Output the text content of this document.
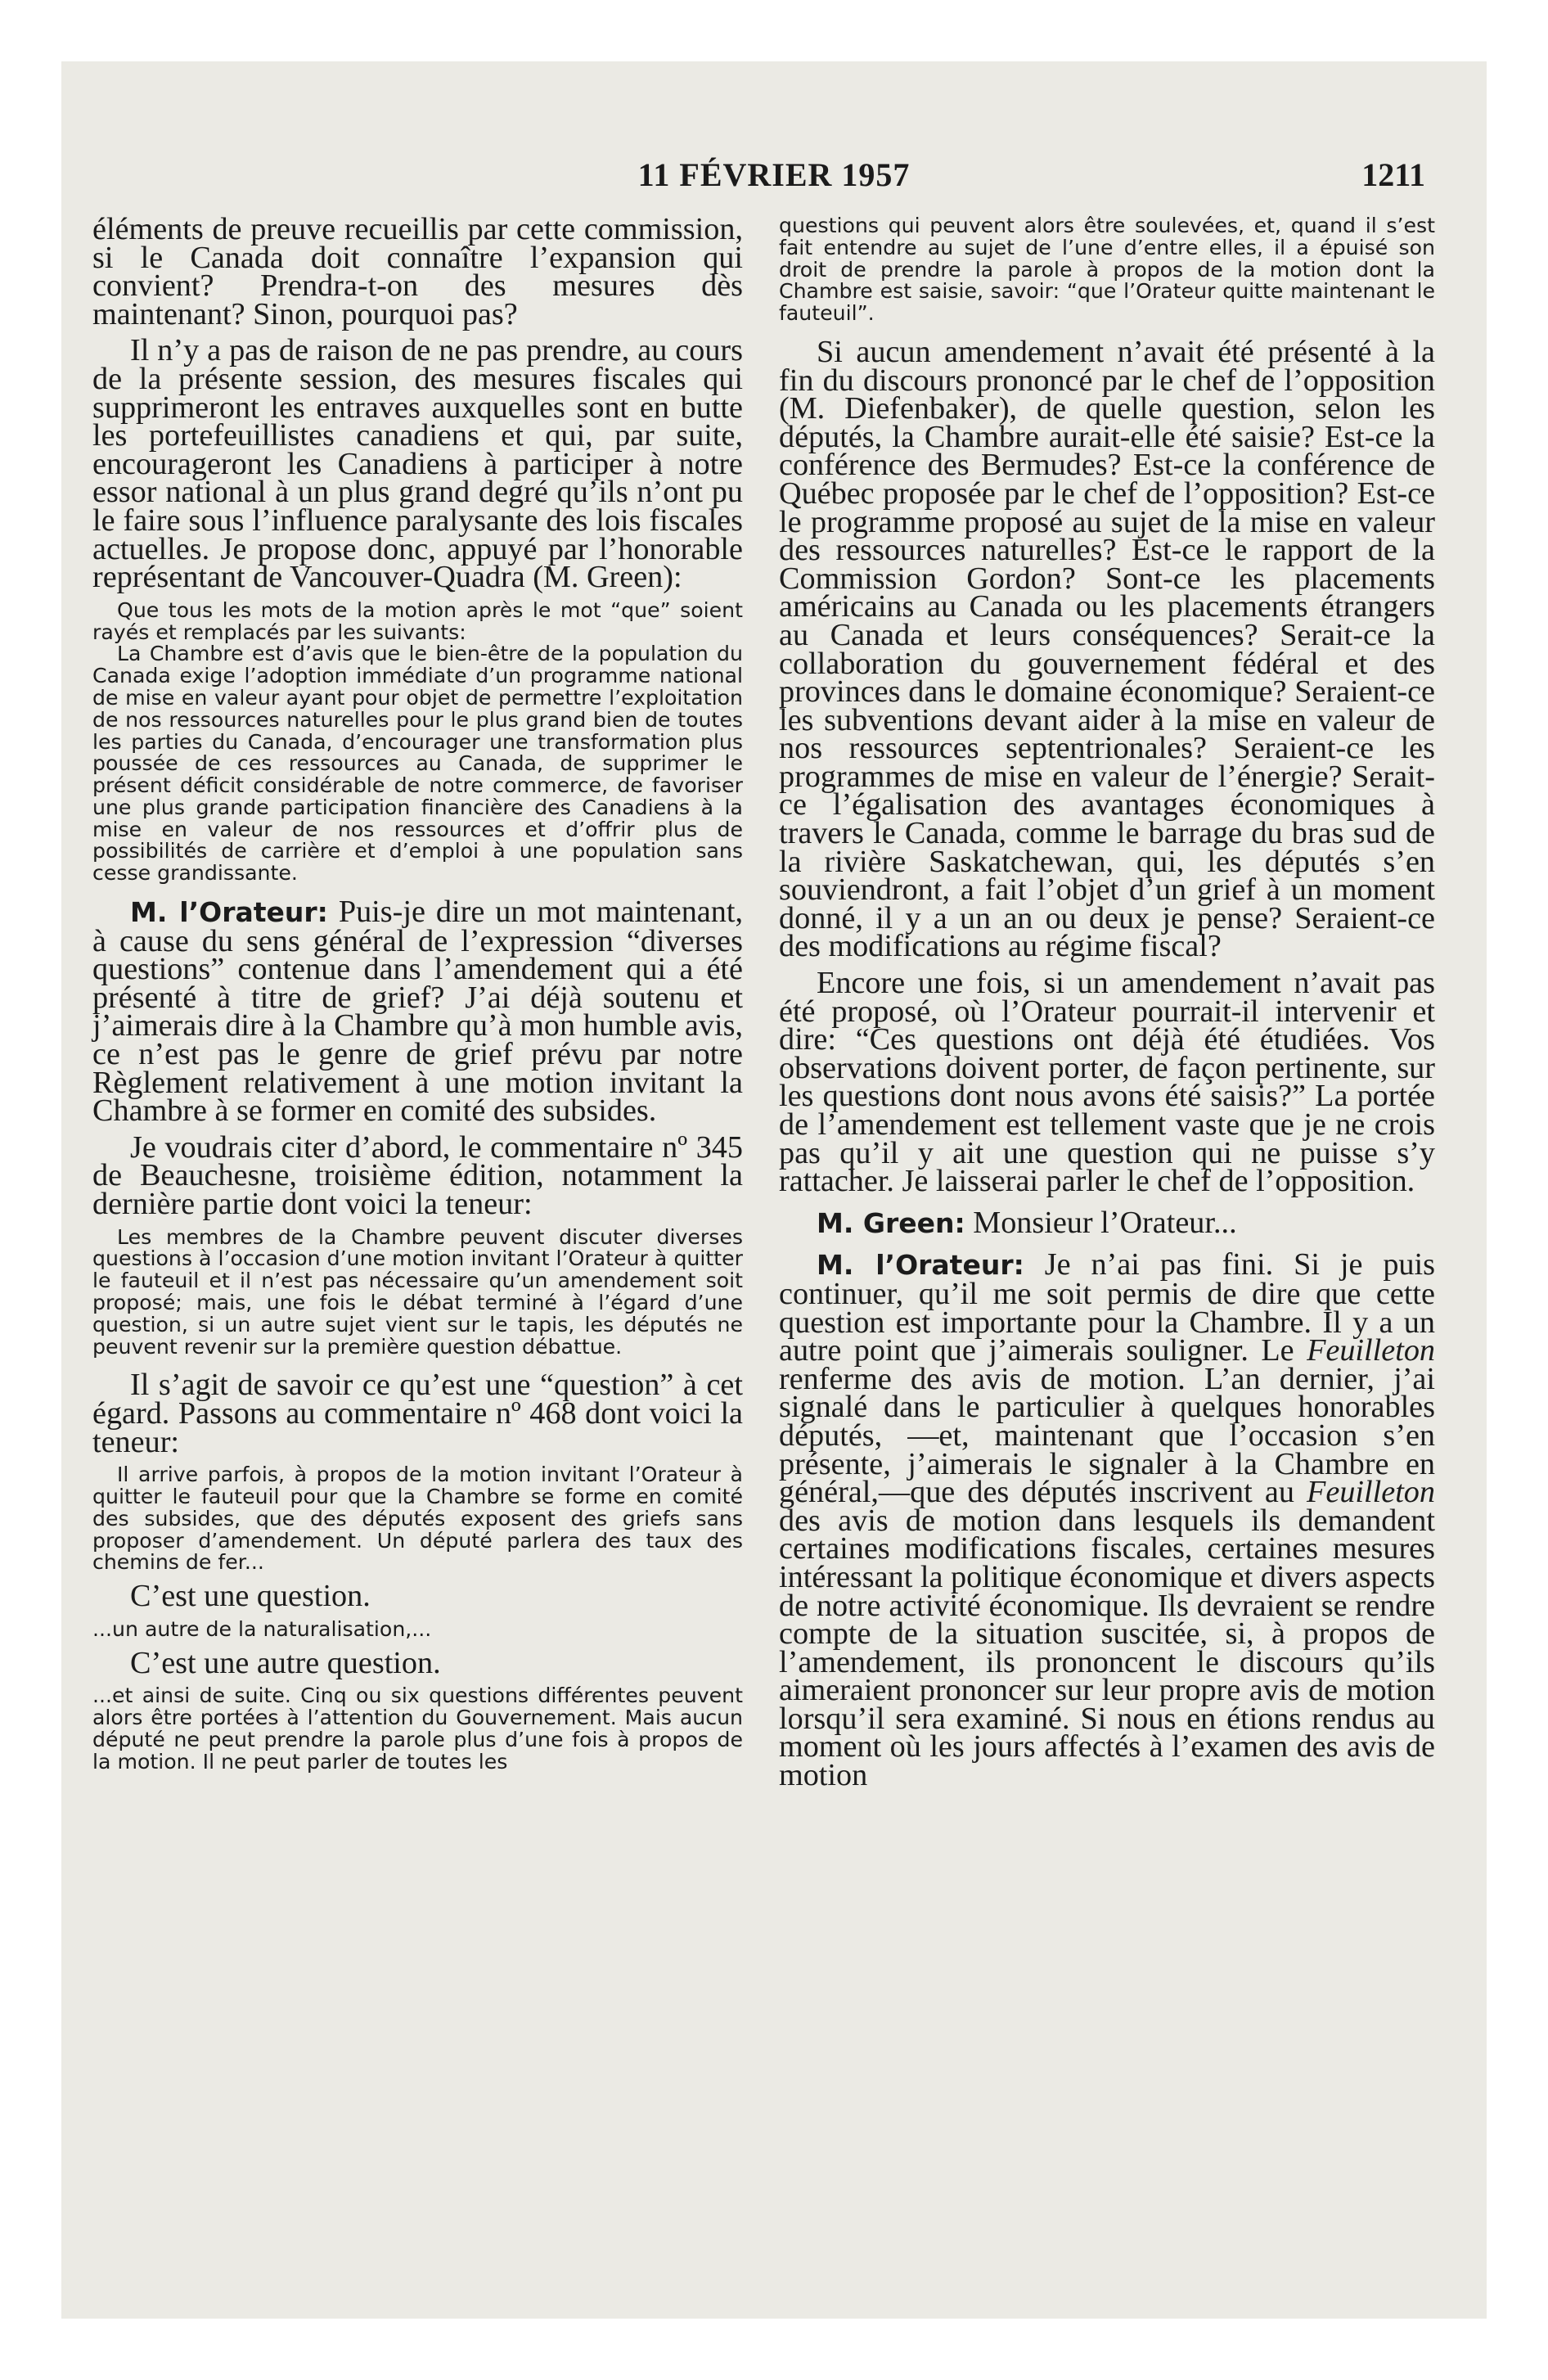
11 FÉVRIER 1957	1211

éléments de preuve recueillis par cette commission, si le Canada doit connaître l’expansion qui convient? Prendra-t-on des mesures dès maintenant? Sinon, pourquoi pas?

Il n’y a pas de raison de ne pas prendre, au cours de la présente session, des mesures fiscales qui supprimeront les entraves auxquelles sont en butte les portefeuillistes canadiens et qui, par suite, encourageront les Canadiens à participer à notre essor national à un plus grand degré qu’ils n’ont pu le faire sous l’influence paralysante des lois fiscales actuelles. Je propose donc, appuyé par l’honorable représentant de Vancouver-Quadra (M. Green):

Que tous les mots de la motion après le mot “que” soient rayés et remplacés par les suivants:

La Chambre est d’avis que le bien-être de la population du Canada exige l’adoption immédiate d’un programme national de mise en valeur ayant pour objet de permettre l’exploitation de nos ressources naturelles pour le plus grand bien de toutes les parties du Canada, d’encourager une transformation plus poussée de ces ressources au Canada, de supprimer le présent déficit considérable de notre commerce, de favoriser une plus grande participation financière des Canadiens à la mise en valeur de nos ressources et d’offrir plus de possibilités de carrière et d’emploi à une population sans cesse grandissante.

M. l’Orateur: Puis-je dire un mot maintenant, à cause du sens général de l’expression “diverses questions” contenue dans l’amendement qui a été présenté à titre de grief? J’ai déjà soutenu et j’aimerais dire à la Chambre qu’à mon humble avis, ce n’est pas le genre de grief prévu par notre Règlement relativement à une motion invitant la Chambre à se former en comité des subsides.

Je voudrais citer d’abord, le commentaire nº 345 de Beauchesne, troisième édition, notamment la dernière partie dont voici la teneur:

Les membres de la Chambre peuvent discuter diverses questions à l’occasion d’une motion invitant l’Orateur à quitter le fauteuil et il n’est pas nécessaire qu’un amendement soit proposé; mais, une fois le débat terminé à l’égard d’une question, si un autre sujet vient sur le tapis, les députés ne peuvent revenir sur la première question débattue.

Il s’agit de savoir ce qu’est une “question” à cet égard. Passons au commentaire nº 468 dont voici la teneur:

Il arrive parfois, à propos de la motion invitant l’Orateur à quitter le fauteuil pour que la Chambre se forme en comité des subsides, que des députés exposent des griefs sans proposer d’amendement. Un député parlera des taux des chemins de fer...

C’est une question.

...un autre de la naturalisation,...

C’est une autre question.

...et ainsi de suite. Cinq ou six questions différentes peuvent alors être portées à l’attention du Gouvernement. Mais aucun député ne peut prendre la parole plus d’une fois à propos de la motion. Il ne peut parler de toutes les

questions qui peuvent alors être soulevées, et, quand il s’est fait entendre au sujet de l’une d’entre elles, il a épuisé son droit de prendre la parole à propos de la motion dont la Chambre est saisie, savoir: “que l’Orateur quitte maintenant le fauteuil”.

Si aucun amendement n’avait été présenté à la fin du discours prononcé par le chef de l’opposition (M. Diefenbaker), de quelle question, selon les députés, la Chambre aurait-elle été saisie? Est-ce la conférence des Bermudes? Est-ce la conférence de Québec proposée par le chef de l’opposition? Est-ce le programme proposé au sujet de la mise en valeur des ressources naturelles? Est-ce le rapport de la Commission Gordon? Sont-ce les placements américains au Canada ou les placements étrangers au Canada et leurs conséquences? Serait-ce la collaboration du gouvernement fédéral et des provinces dans le domaine économique? Seraient-ce les subventions devant aider à la mise en valeur de nos ressources septentrionales? Seraient-ce les programmes de mise en valeur de l’énergie? Serait-ce l’égalisation des avantages économiques à travers le Canada, comme le barrage du bras sud de la rivière Saskatchewan, qui, les députés s’en souviendront, a fait l’objet d’un grief à un moment donné, il y a un an ou deux je pense? Seraient-ce des modifications au régime fiscal?

Encore une fois, si un amendement n’avait pas été proposé, où l’Orateur pourrait-il intervenir et dire: “Ces questions ont déjà été étudiées. Vos observations doivent porter, de façon pertinente, sur les questions dont nous avons été saisis?” La portée de l’amendement est tellement vaste que je ne crois pas qu’il y ait une question qui ne puisse s’y rattacher. Je laisserai parler le chef de l’opposition.

M. Green: Monsieur l’Orateur...

M. l’Orateur: Je n’ai pas fini. Si je puis continuer, qu’il me soit permis de dire que cette question est importante pour la Chambre. Il y a un autre point que j’aimerais souligner. Le Feuilleton renferme des avis de motion. L’an dernier, j’ai signalé dans le particulier à quelques honorables députés, —et, maintenant que l’occasion s’en présente, j’aimerais le signaler à la Chambre en général,—que des députés inscrivent au Feuilleton des avis de motion dans lesquels ils demandent certaines modifications fiscales, certaines mesures intéressant la politique économique et divers aspects de notre activité économique. Ils devraient se rendre compte de la situation suscitée, si, à propos de l’amendement, ils prononcent le discours qu’ils aimeraient prononcer sur leur propre avis de motion lorsqu’il sera examiné. Si nous en étions rendus au moment où les jours affectés à l’examen des avis de motion
